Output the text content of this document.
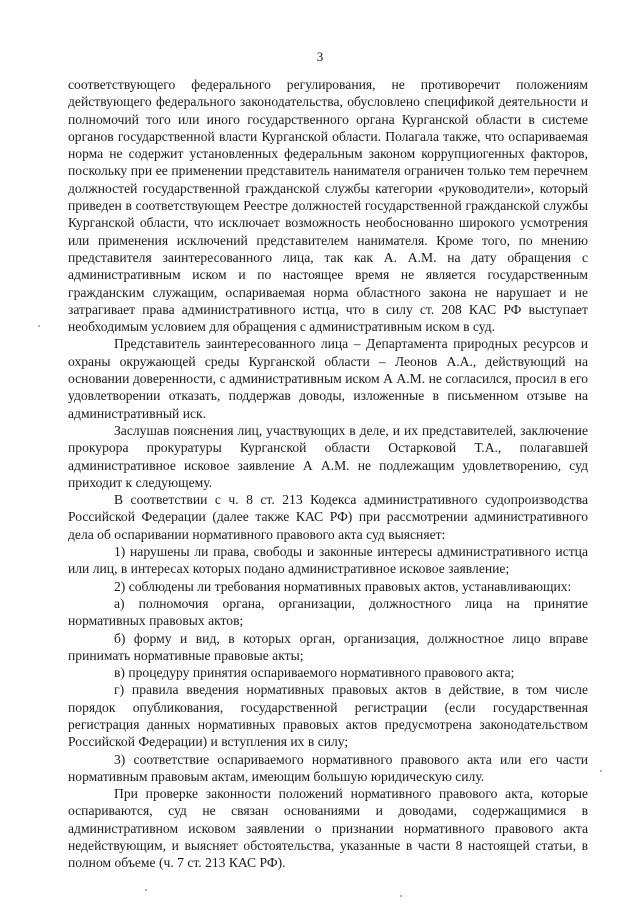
3

соответствующего федерального регулирования, не противоречит положениям действующего федерального законодательства, обусловлено спецификой деятельности и полномочий того или иного государственного органа Курганской области в системе органов государственной власти Курганской области. Полагала также, что оспариваемая норма не содержит установленных федеральным законом коррупциогенных факторов, поскольку при ее применении представитель нанимателя ограничен только тем перечнем должностей государственной гражданской службы категории «руководители», который приведен в соответствующем Реестре должностей государственной гражданской службы Курганской области, что исключает возможность необоснованно широкого усмотрения или применения исключений представителем нанимателя. Кроме того, по мнению представителя заинтересованного лица, так как А. А.М. на дату обращения с административным иском и по настоящее время не является государственным гражданским служащим, оспариваемая норма областного закона не нарушает и не затрагивает права административного истца, что в силу ст. 208 КАС РФ выступает необходимым условием для обращения с административным иском в суд.

Представитель заинтересованного лица – Департамента природных ресурсов и охраны окружающей среды Курганской области – Леонов А.А., действующий на основании доверенности, с административным иском А А.М. не согласился, просил в его удовлетворении отказать, поддержав доводы, изложенные в письменном отзыве на административный иск.

Заслушав пояснения лиц, участвующих в деле, и их представителей, заключение прокурора прокуратуры Курганской области Остарковой Т.А., полагавшей административное исковое заявление А А.М. не подлежащим удовлетворению, суд приходит к следующему.

В соответствии с ч. 8 ст. 213 Кодекса административного судопроизводства Российской Федерации (далее также КАС РФ) при рассмотрении административного дела об оспаривании нормативного правового акта суд выясняет:

1) нарушены ли права, свободы и законные интересы административного истца или лиц, в интересах которых подано административное исковое заявление;

2) соблюдены ли требования нормативных правовых актов, устанавливающих:

а) полномочия органа, организации, должностного лица на принятие нормативных правовых актов;

б) форму и вид, в которых орган, организация, должностное лицо вправе принимать нормативные правовые акты;

в) процедуру принятия оспариваемого нормативного правового акта;

г) правила введения нормативных правовых актов в действие, в том числе порядок опубликования, государственной регистрации (если государственная регистрация данных нормативных правовых актов предусмотрена законодательством Российской Федерации) и вступления их в силу;

3) соответствие оспариваемого нормативного правового акта или его части нормативным правовым актам, имеющим большую юридическую силу.

При проверке законности положений нормативного правового акта, которые оспариваются, суд не связан основаниями и доводами, содержащимися в административном исковом заявлении о признании нормативного правового акта недействующим, и выясняет обстоятельства, указанные в части 8 настоящей статьи, в полном объеме (ч. 7 ст. 213 КАС РФ).
